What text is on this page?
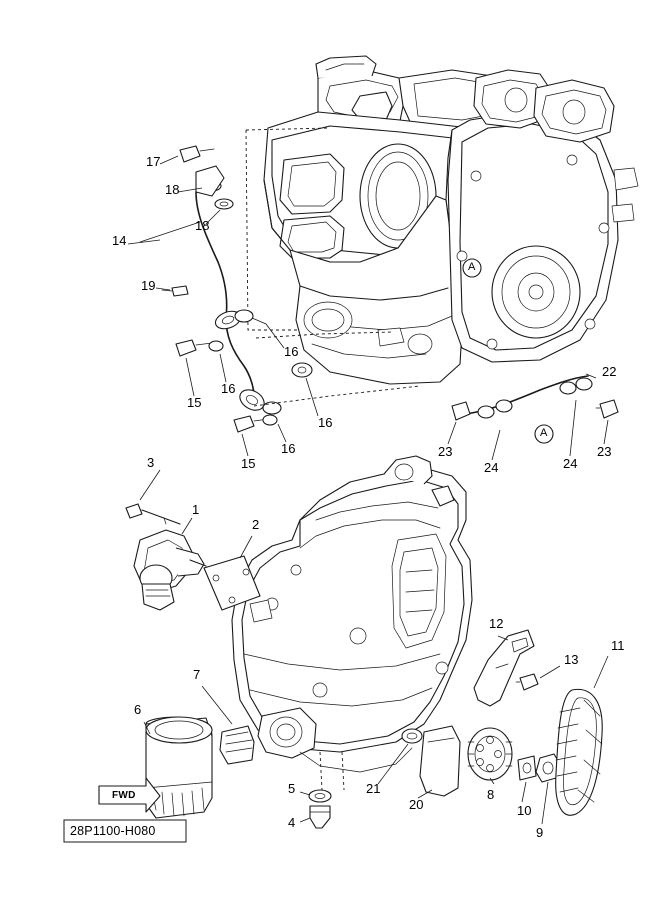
17
18
18
14
19
16
15
16
16
15
16
22
23
24	24
23
3
1
2
7
6
5
4
21
20
8
10
9
12
13
11
A
A
FWD
28P1100-H080
